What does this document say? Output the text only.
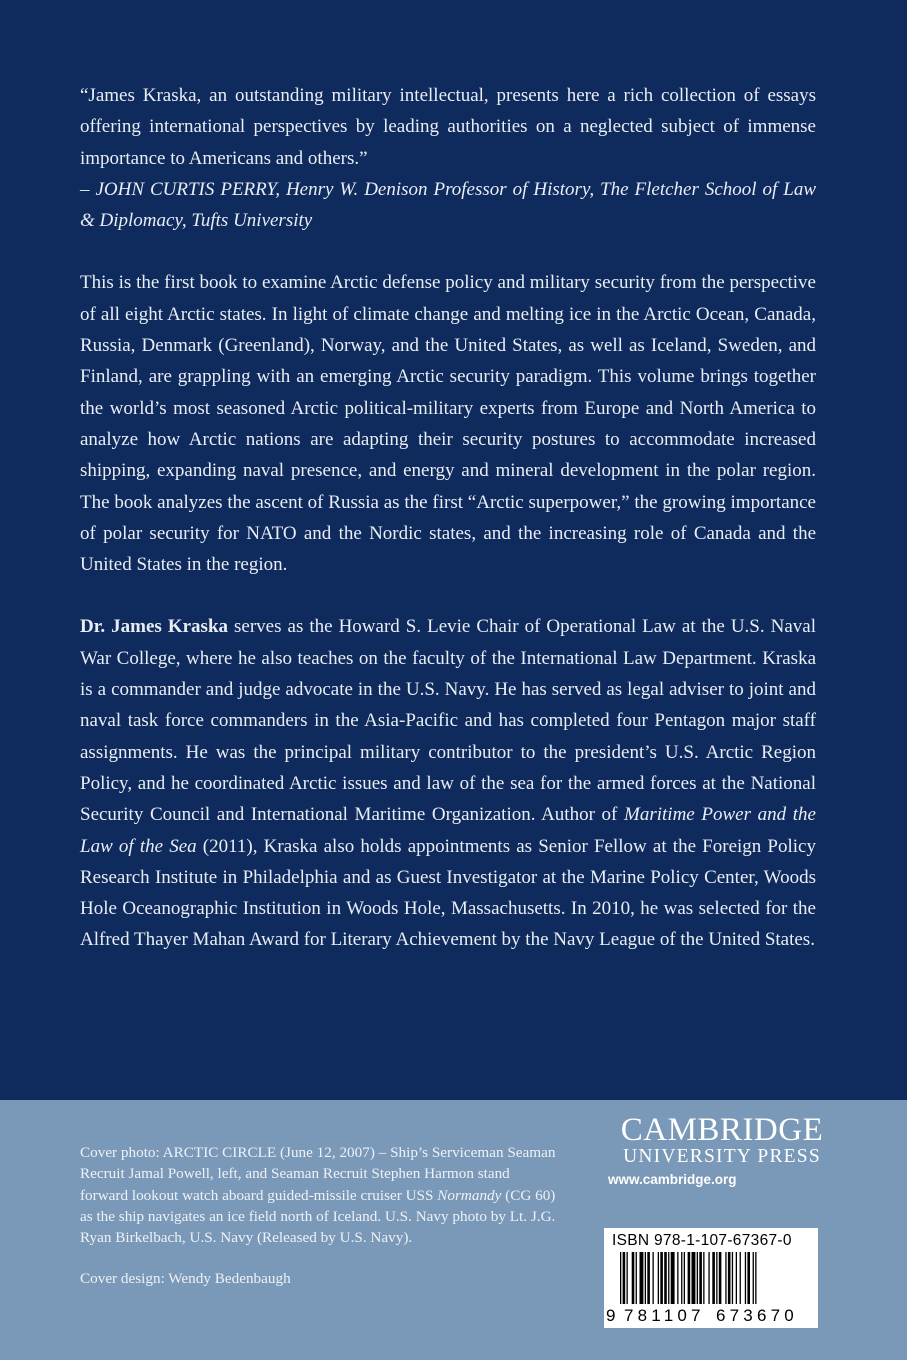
“James Kraska, an outstanding military intellectual, presents here a rich collection of essays offering international perspectives by leading authorities on a neglected subject of immense importance to Americans and others.”
– JOHN CURTIS PERRY, Henry W. Denison Professor of History, The Fletcher School of Law & Diplomacy, Tufts University

This is the first book to examine Arctic defense policy and military security from the perspective of all eight Arctic states. In light of climate change and melting ice in the Arctic Ocean, Canada, Russia, Denmark (Greenland), Norway, and the United States, as well as Iceland, Sweden, and Finland, are grappling with an emerging Arctic security paradigm. This volume brings together the world’s most seasoned Arctic political-military experts from Europe and North America to analyze how Arctic nations are adapting their security postures to accommodate increased shipping, expanding naval presence, and energy and mineral development in the polar region. The book analyzes the ascent of Russia as the first “Arctic superpower,” the growing importance of polar security for NATO and the Nordic states, and the increasing role of Canada and the United States in the region.

Dr. James Kraska serves as the Howard S. Levie Chair of Operational Law at the U.S. Naval War College, where he also teaches on the faculty of the International Law Department. Kraska is a commander and judge advocate in the U.S. Navy. He has served as legal adviser to joint and naval task force commanders in the Asia-Pacific and has completed four Pentagon major staff assignments. He was the principal military contributor to the president’s U.S. Arctic Region Policy, and he coordinated Arctic issues and law of the sea for the armed forces at the National Security Council and International Maritime Organization. Author of Maritime Power and the Law of the Sea (2011), Kraska also holds appointments as Senior Fellow at the Foreign Policy Research Institute in Philadelphia and as Guest Investigator at the Marine Policy Center, Woods Hole Oceanographic Institution in Woods Hole, Massachusetts. In 2010, he was selected for the Alfred Thayer Mahan Award for Literary Achievement by the Navy League of the United States.

Cover photo: ARCTIC CIRCLE (June 12, 2007) – Ship’s Serviceman Seaman Recruit Jamal Powell, left, and Seaman Recruit Stephen Harmon stand forward lookout watch aboard guided-missile cruiser USS Normandy (CG 60) as the ship navigates an ice field north of Iceland. U.S. Navy photo by Lt. J.G. Ryan Birkelbach, U.S. Navy (Released by U.S. Navy).

Cover design: Wendy Bedenbaugh

CAMBRIDGE
UNIVERSITY PRESS
www.cambridge.org
ISBN 978-1-107-67367-0
9 781107 673670
